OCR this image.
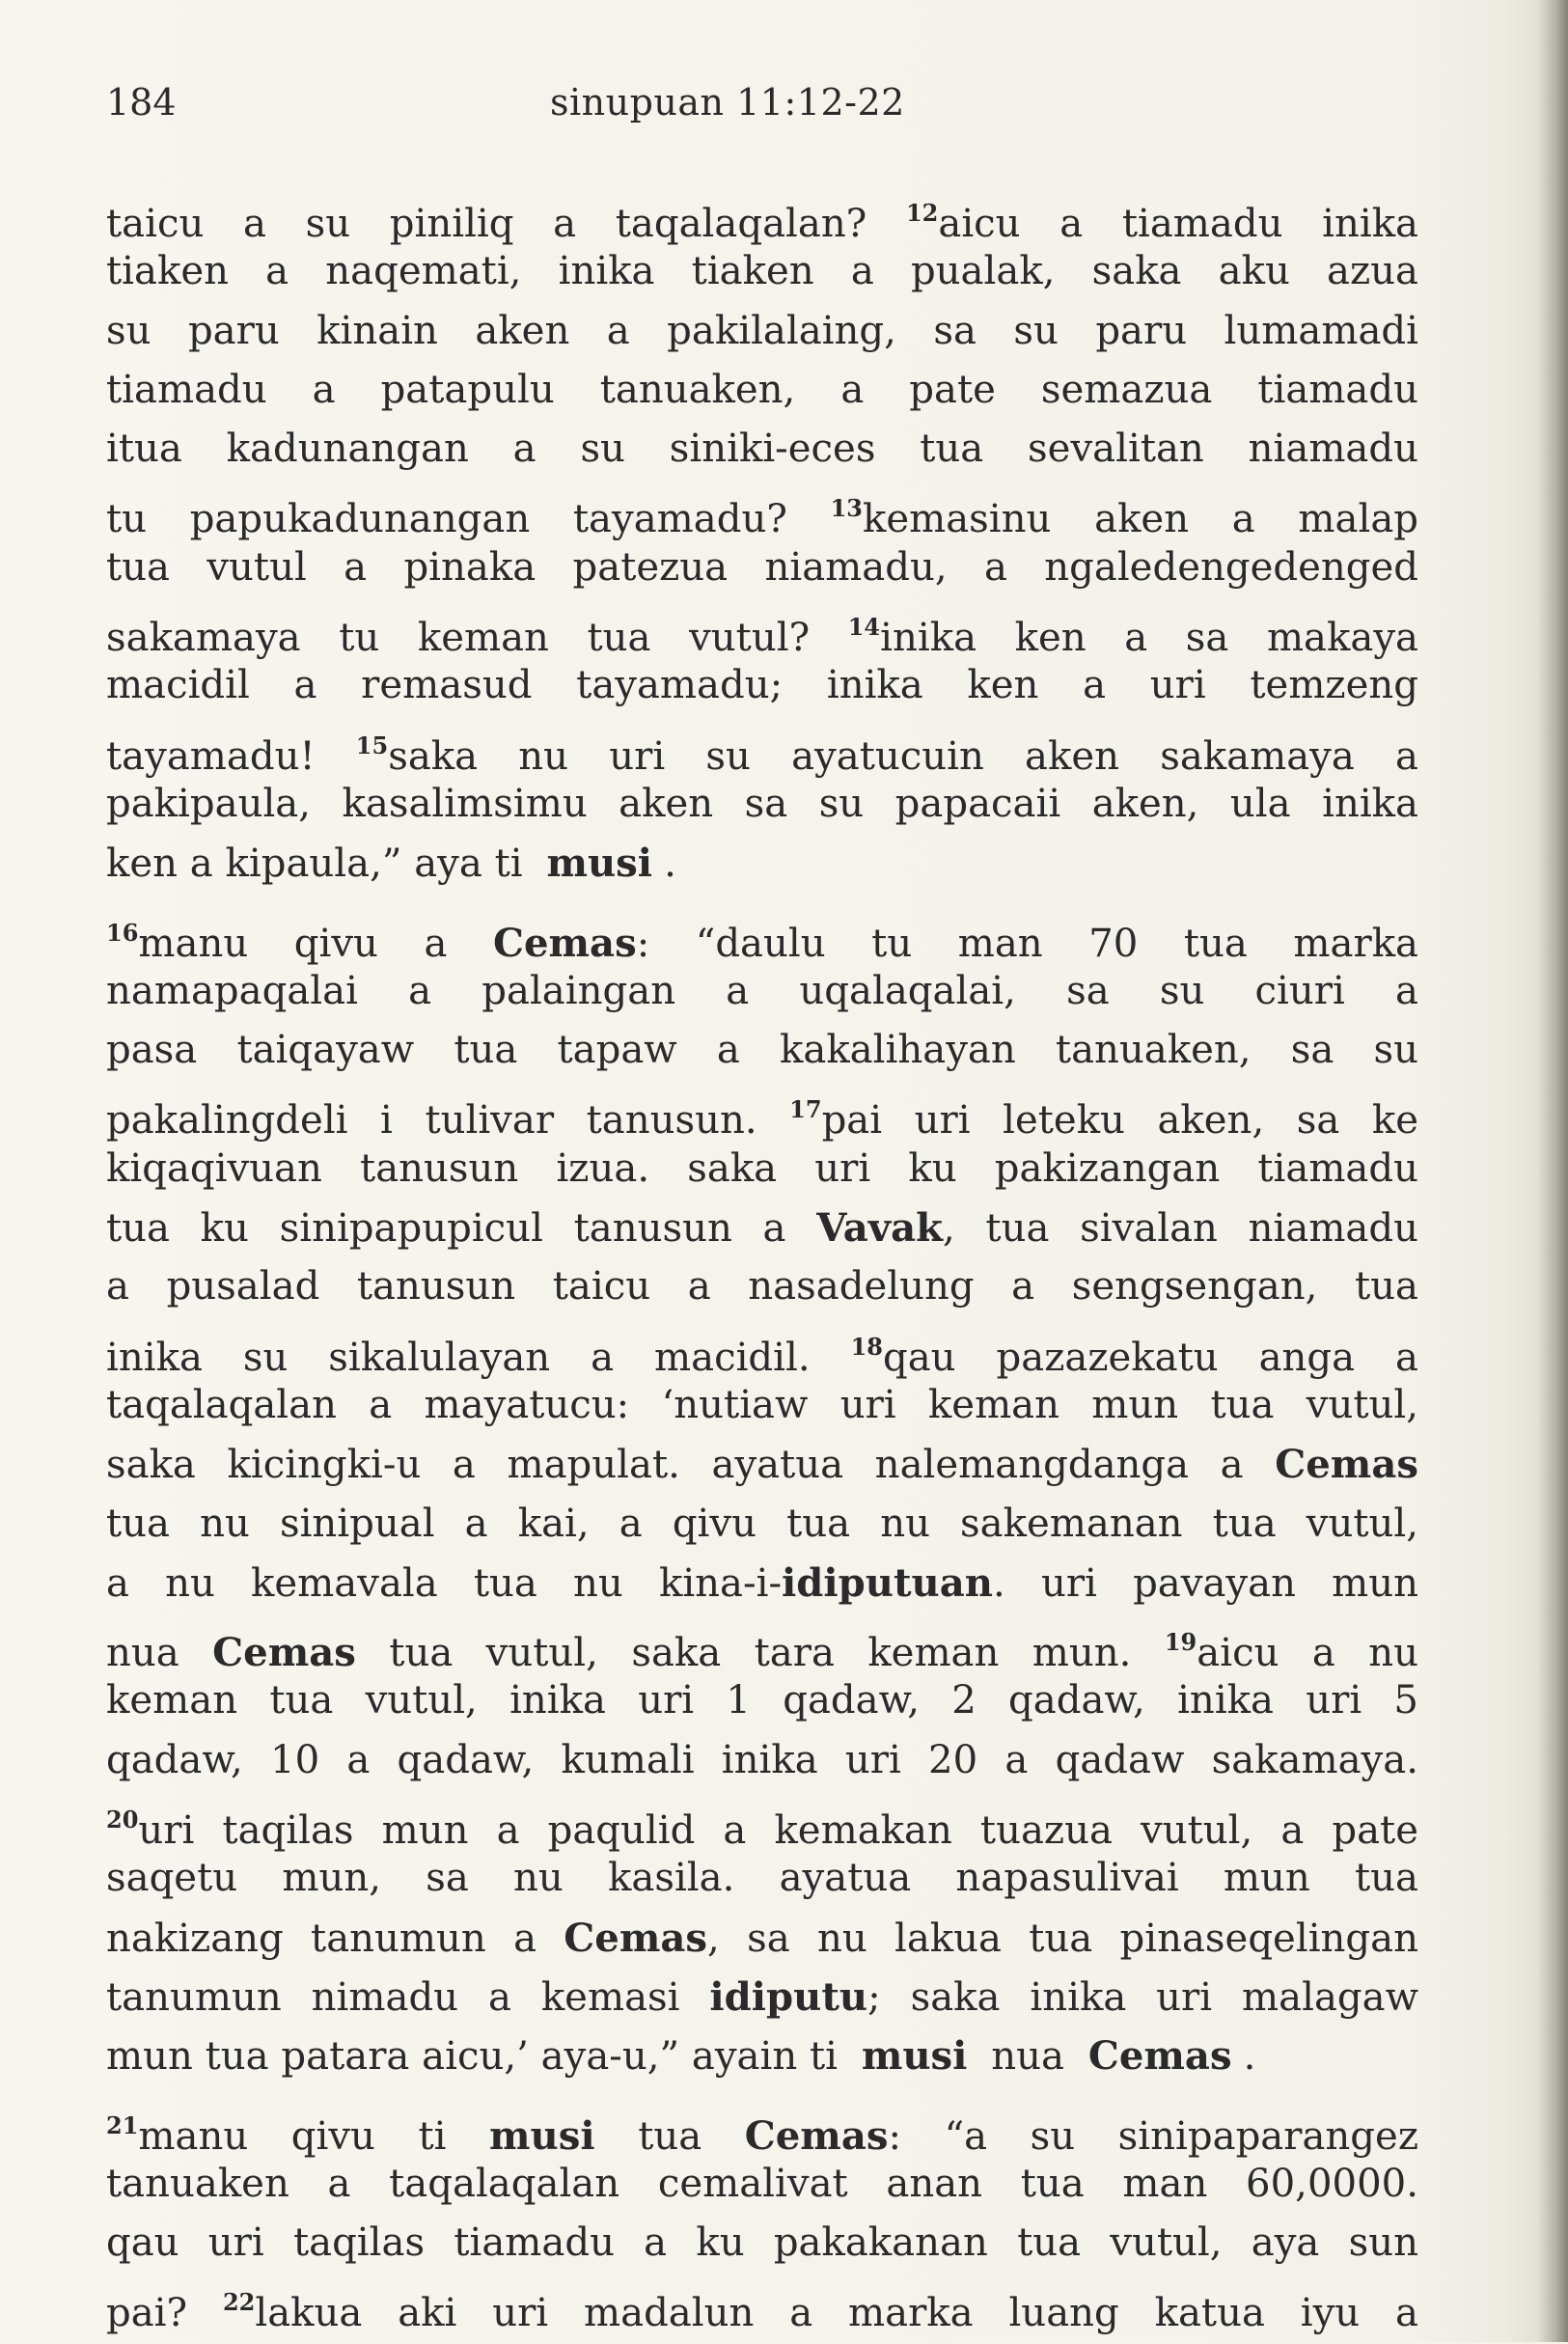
184	sinupuan 11:12-22
taicu a su piniliq a taqalaqalan? $^{12}$aicu a tiamadu inika
tiaken a naqemati, inika tiaken a pualak, saka aku azua
su paru kinain aken a pakilalaing, sa su paru lumamadi
tiamadu a patapulu tanuaken, a pate semazua tiamadu
itua kadunangan a su siniki-eces tua sevalitan niamadu
tu papukadunangan tayamadu? $^{13}$kemasinu aken a malap
tua vutul a pinaka patezua niamadu, a ngaledengedenged
sakamaya tu keman tua vutul? $^{14}$inika ken a sa makaya
macidil a remasud tayamadu; inika ken a uri temzeng
tayamadu! $^{15}$saka nu uri su ayatucuin aken sakamaya a
pakipaula, kasalimsimu aken sa su papacaii aken, ula inika
ken a kipaula,” aya ti musi .
$^{16}$manu qivu a Cemas: “daulu tu man 70 tua marka
namapaqalai a palaingan a uqalaqalai, sa su ciuri a
pasa taiqayaw tua tapaw a kakalihayan tanuaken, sa su
pakalingdeli i tulivar tanusun. $^{17}$pai uri leteku aken, sa ke
kiqaqivuan tanusun izua. saka uri ku pakizangan tiamadu
tua ku sinipapupicul tanusun a Vavak, tua sivalan niamadu
a pusalad tanusun taicu a nasadelung a sengsengan, tua
inika su sikalulayan a macidil. $^{18}$qau pazazekatu anga a
taqalaqalan a mayatucu: ‘nutiaw uri keman mun tua vutul,
saka kicingki-u a mapulat. ayatua nalemangdanga a Cemas
tua nu sinipual a kai, a qivu tua nu sakemanan tua vutul,
a nu kemavala tua nu kina-i-idiputuan. uri pavayan mun
nua Cemas tua vutul, saka tara keman mun. $^{19}$aicu a nu
keman tua vutul, inika uri 1 qadaw, 2 qadaw, inika uri 5
qadaw, 10 a qadaw, kumali inika uri 20 a qadaw sakamaya.
$^{20}$uri taqilas mun a paqulid a kemakan tuazua vutul, a pate
saqetu mun, sa nu kasila. ayatua napasulivai mun tua
nakizang tanumun a Cemas, sa nu lakua tua pinaseqelingan
tanumun nimadu a kemasi idiputu; saka inika uri malagaw
mun tua patara aicu,’ aya-u,” ayain ti musi nua Cemas .
$^{21}$manu qivu ti musi tua Cemas: “a su sinipaparangez
tanuaken a taqalaqalan cemalivat anan tua man 60,0000.
qau uri taqilas tiamadu a ku pakakanan tua vutul, aya sun
pai? $^{22}$lakua aki uri madalun a marka luang katua iyu a
